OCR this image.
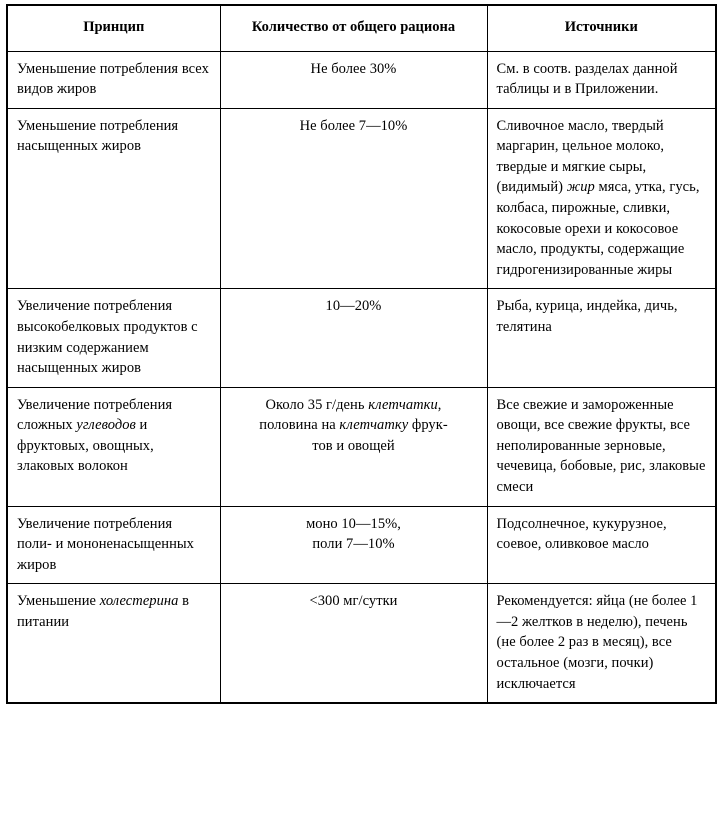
Принцип	Количество от общего рациона	Источники
Уменьшение потребления всех видов жиров	Не более 30%	См. в соотв. разделах данной таблицы и в Приложении.
Уменьшение потребления насыщенных жиров	Не более 7—10%	Сливочное масло, твердый маргарин, цельное молоко, твердые и мягкие сыры, (видимый) жир мяса, утка, гусь, колбаса, пирожные, сливки, кокосовые орехи и кокосовое масло, продукты, содержащие гидрогенизированные жиры
Увеличение потребления высокобелковых продуктов с низким содержанием насыщенных жиров	10—20%	Рыба, курица, индейка, дичь, телятина
Увеличение потребления сложных углеводов и фруктовых, овощных, злаковых волокон	Около 35 г/день клетчатки,
половина на клетчатку фрук-
тов и овощей	Все свежие и замороженные овощи, все свежие фрукты, все неполированные зерновые, чечевица, бобовые, рис, злаковые смеси
Увеличение потребления поли- и мононенасыщенных жиров	моно 10—15%,
поли 7—10%	Подсолнечное, кукурузное, соевое, оливковое масло
Уменьшение холестерина в питании	<300 мг/сутки	Рекомендуется: яйца (не более 1—2 желтков в неделю), печень (не более 2 раз в месяц), все остальное (мозги, почки) исключается
